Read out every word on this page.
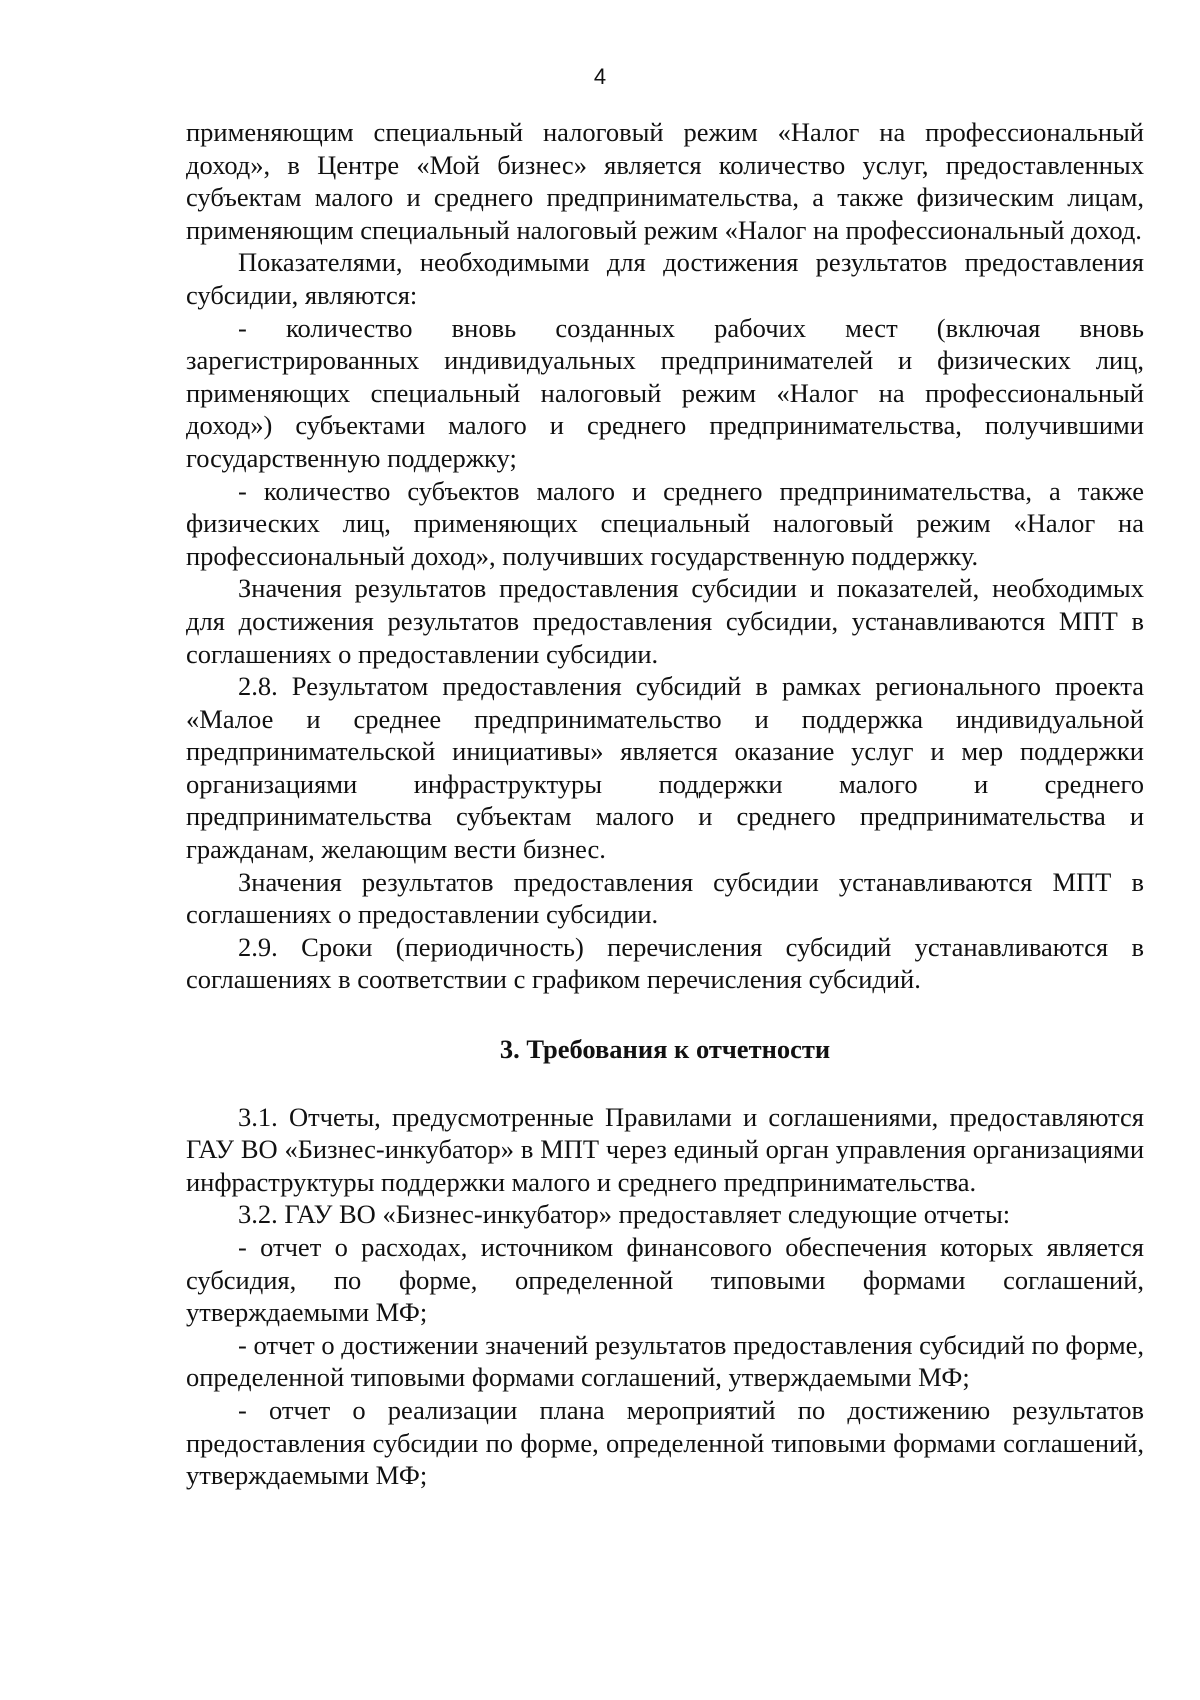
4

применяющим специальный налоговый режим «Налог на профессиональный доход», в Центре «Мой бизнес» является количество услуг, предоставленных субъектам малого и среднего предпринимательства, а также физическим лицам, применяющим специальный налоговый режим «Налог на профессиональный доход.

Показателями, необходимыми для достижения результатов предоставления субсидии, являются:

- количество вновь созданных рабочих мест (включая вновь зарегистрированных индивидуальных предпринимателей и физических лиц, применяющих специальный налоговый режим «Налог на профессиональный доход») субъектами малого и среднего предпринимательства, получившими государственную поддержку;

- количество субъектов малого и среднего предпринимательства, а также физических лиц, применяющих специальный налоговый режим «Налог на профессиональный доход», получивших государственную поддержку.

Значения результатов предоставления субсидии и показателей, необходимых для достижения результатов предоставления субсидии, устанавливаются МПТ в соглашениях о предоставлении субсидии.

2.8. Результатом предоставления субсидий в рамках регионального проекта «Малое и среднее предпринимательство и поддержка индивидуальной предпринимательской инициативы» является оказание услуг и мер поддержки организациями инфраструктуры поддержки малого и среднего предпринимательства субъектам малого и среднего предпринимательства и гражданам, желающим вести бизнес.

Значения результатов предоставления субсидии устанавливаются МПТ в соглашениях о предоставлении субсидии.

2.9. Сроки (периодичность) перечисления субсидий устанавливаются в соглашениях в соответствии с графиком перечисления субсидий.

3. Требования к отчетности

3.1. Отчеты, предусмотренные Правилами и соглашениями, предоставляются ГАУ ВО «Бизнес-инкубатор» в МПТ через единый орган управления организациями инфраструктуры поддержки малого и среднего предпринимательства.

3.2. ГАУ ВО «Бизнес-инкубатор» предоставляет следующие отчеты:

- отчет о расходах, источником финансового обеспечения которых является субсидия, по форме, определенной типовыми формами соглашений, утверждаемыми МФ;

- отчет о достижении значений результатов предоставления субсидий по форме, определенной типовыми формами соглашений, утверждаемыми МФ;

- отчет о реализации плана мероприятий по достижению результатов предоставления субсидии по форме, определенной типовыми формами соглашений, утверждаемыми МФ;
